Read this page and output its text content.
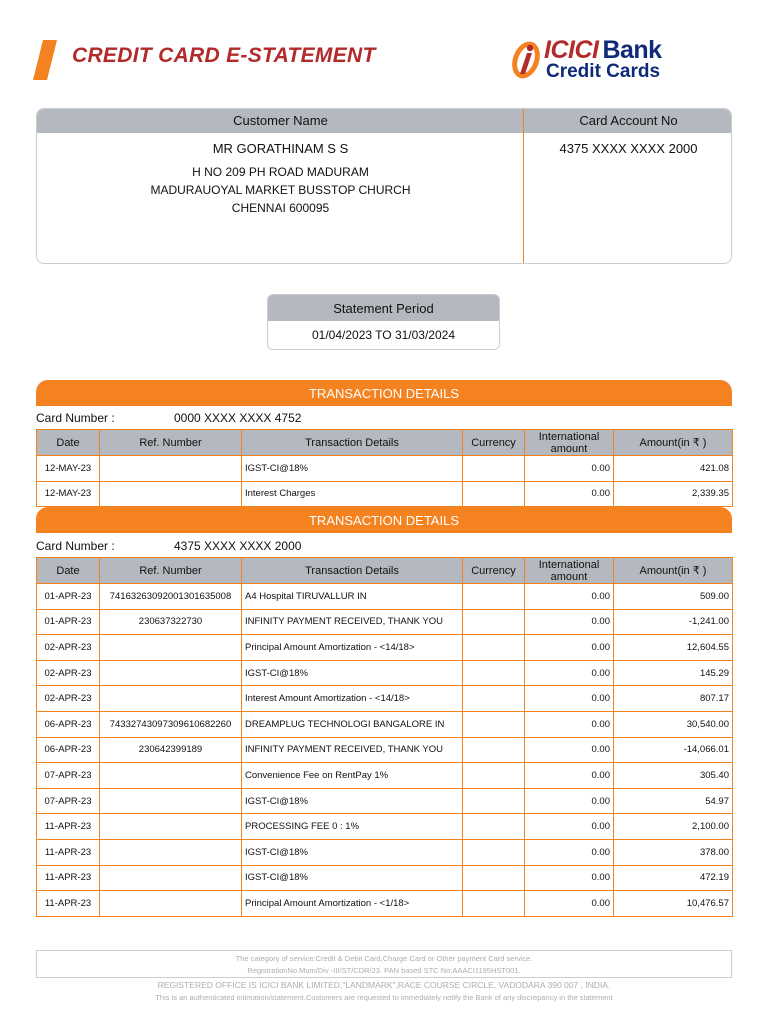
CREDIT CARD E-STATEMENT	ICICI Bank
Credit Cards
Customer Name	Card Account No
MR GORATHINAM S S
H NO 209 PH ROAD MADURAM
MADURAUOYAL MARKET BUSSTOP CHURCH
CHENNAI 600095
4375 XXXX XXXX 2000
Statement Period
01/04/2023 TO 31/03/2024
TRANSACTION DETAILS
Card Number :	0000 XXXX XXXX 4752
Date	Ref. Number	Transaction Details	Currency	International amount	Amount(in ₹ )
12-MAY-23		IGST-CI@18%		0.00	421.08
12-MAY-23		Interest Charges		0.00	2,339.35
TRANSACTION DETAILS
Card Number :	4375 XXXX XXXX 2000
Date	Ref. Number	Transaction Details	Currency	International amount	Amount(in ₹ )
01-APR-23	74163263092001301635008	A4 Hospital TIRUVALLUR IN		0.00	509.00
01-APR-23	230637322730	INFINITY PAYMENT RECEIVED, THANK YOU		0.00	-1,241.00
02-APR-23		Principal Amount Amortization - <14/18>		0.00	12,604.55
02-APR-23		IGST-CI@18%		0.00	145.29
02-APR-23		Interest Amount Amortization - <14/18>		0.00	807.17
06-APR-23	74332743097309610682260	DREAMPLUG TECHNOLOGI BANGALORE IN		0.00	30,540.00
06-APR-23	230642399189	INFINITY PAYMENT RECEIVED, THANK YOU		0.00	-14,066.01
07-APR-23		Convenience Fee on RentPay 1%		0.00	305.40
07-APR-23		IGST-CI@18%		0.00	54.97
11-APR-23		PROCESSING FEE 0 : 1%		0.00	2,100.00
11-APR-23		IGST-CI@18%		0.00	378.00
11-APR-23		IGST-CI@18%		0.00	472.19
11-APR-23		Principal Amount Amortization - <1/18>		0.00	10,476.57
The category of service:Credit & Debit Card,Charge Card or Other payment Card service.
RegistrationNo.Mum/Div -III/ST/CDR/23. PAN based STC No:AAACI1195HST001.
REGISTERED OFFICE IS ICICI BANK LIMITED,"LANDMARK",RACE COURSE CIRCLE, VADODARA 390 007 , INDIA.
This is an authenticated intimation/statement.Customers are requested to immediately notify the Bank of any discrepancy in the statement
